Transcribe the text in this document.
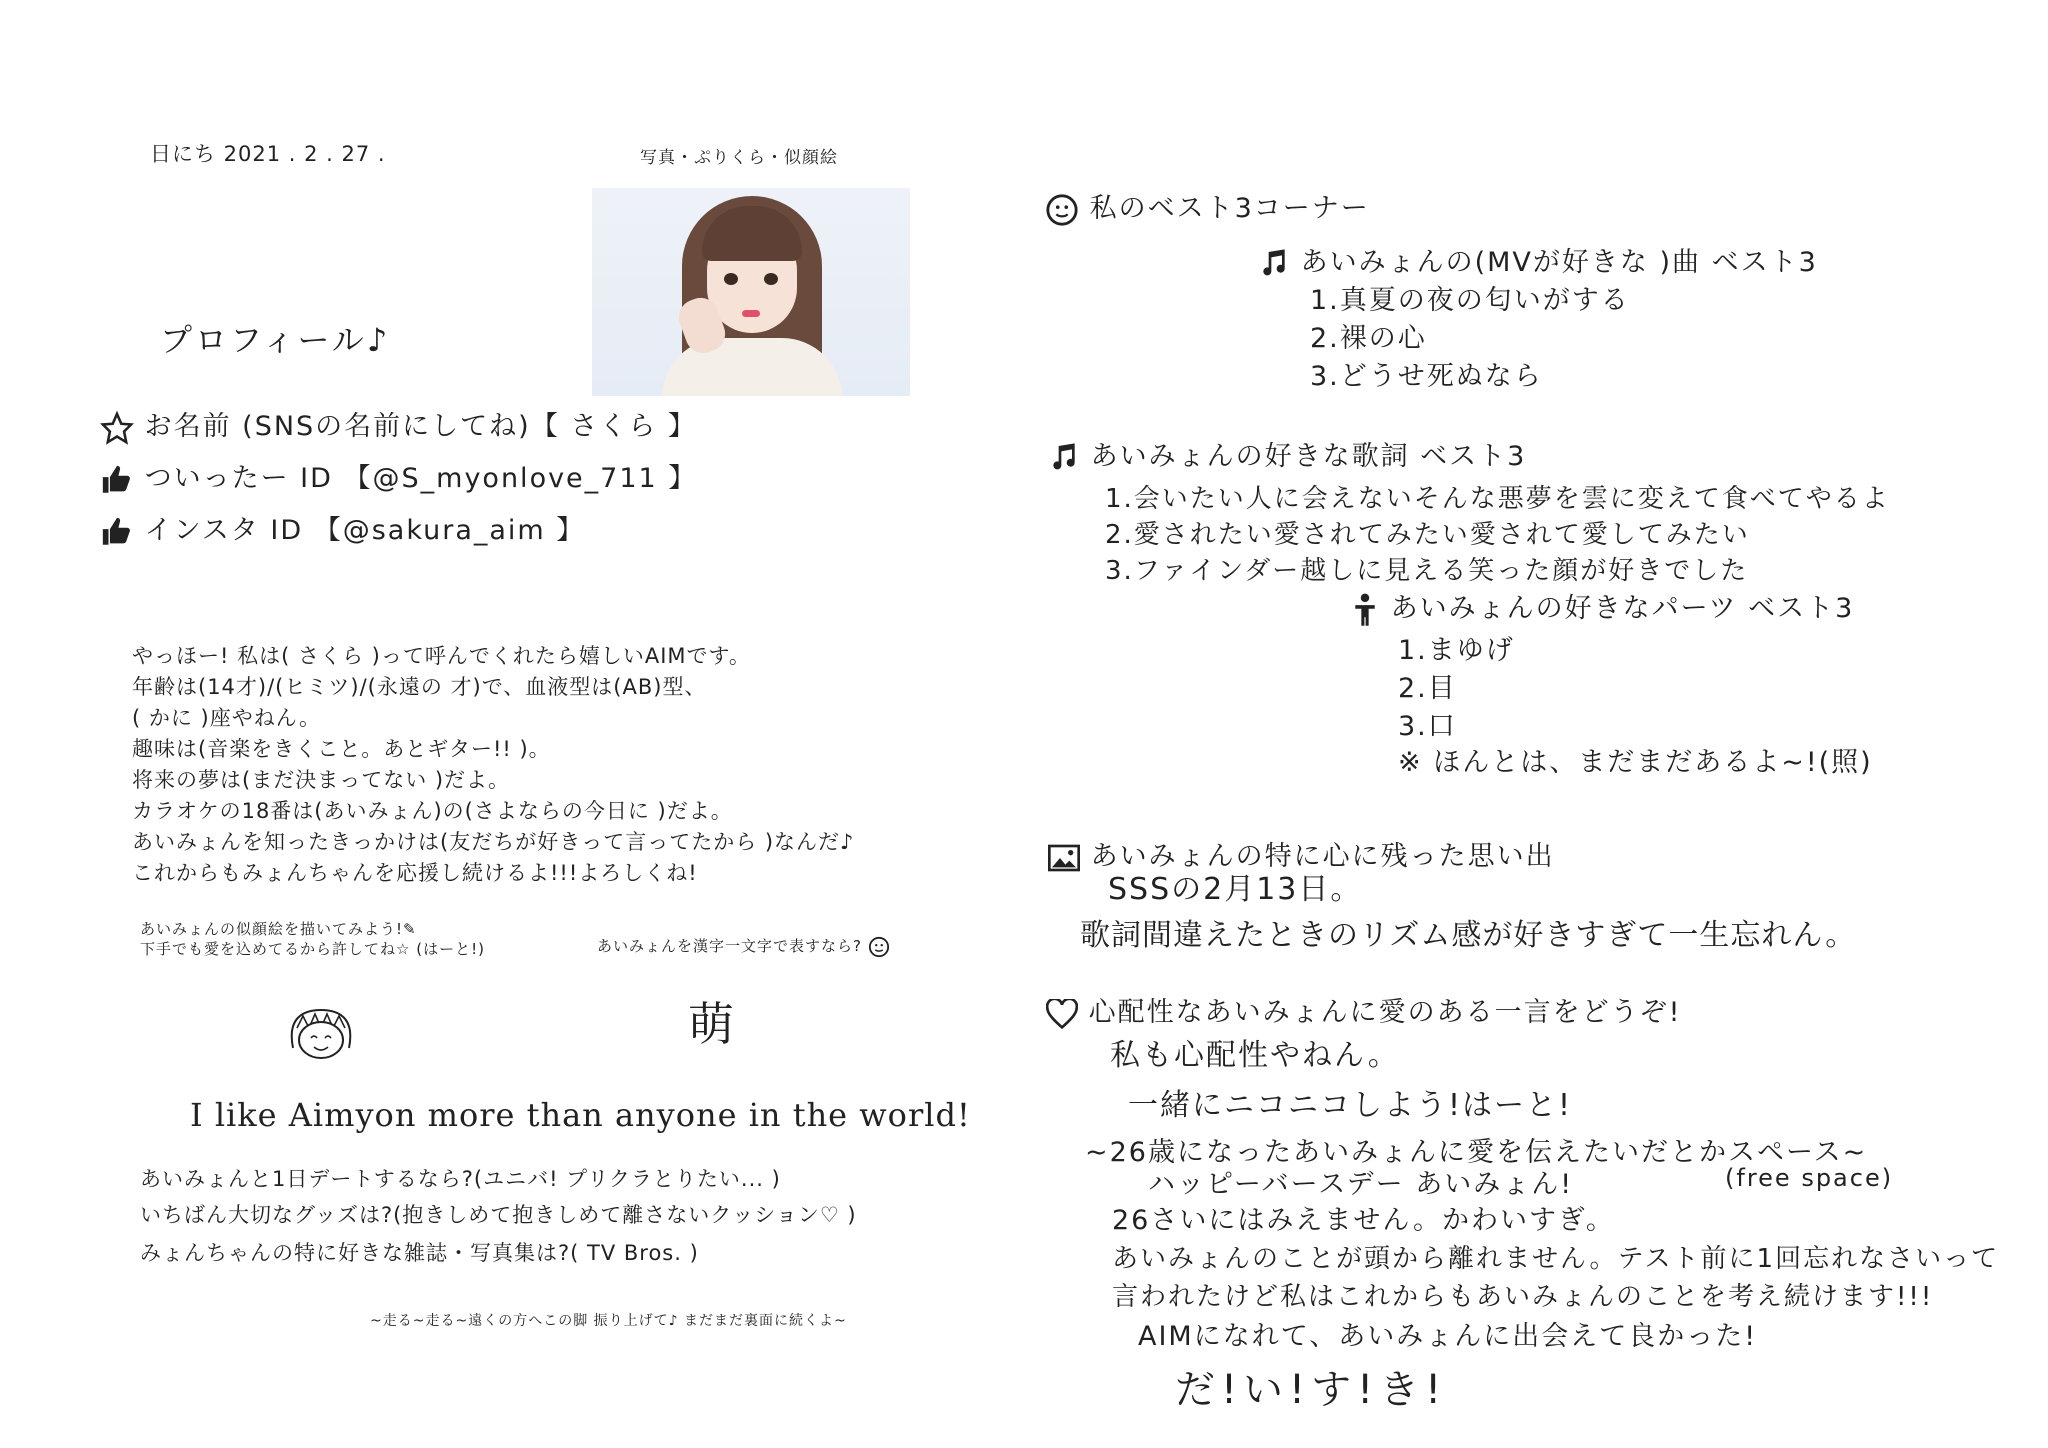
日にち 2021 . 2 . 27 .	写真・ぷりくら・似顔絵
プロフィール♪
お名前 (SNSの名前にしてね)【 さくら 】
ついったー ID 【@S_myonlove_711 】
インスタ ID 【@sakura_aim 】
やっほー! 私は( さくら )って呼んでくれたら嬉しいAIMです。
年齢は(14才)/(ヒミツ)/(永遠の 才)で、血液型は(AB)型、
( かに )座やねん。
趣味は(音楽をきくこと。あとギター!! )。
将来の夢は(まだ決まってない )だよ。
カラオケの18番は(あいみょん)の(さよならの今日に )だよ。
あいみょんを知ったきっかけは(友だちが好きって言ってたから )なんだ♪
これからもみょんちゃんを応援し続けるよ!!!よろしくね!
あいみょんの似顔絵を描いてみよう!✎
下手でも愛を込めてるから許してね☆ (はーと!)	あいみょんを漢字一文字で表すなら?
萌
I like Aimyon more than anyone in the world!
あいみょんと1日デートするなら?(ユニバ! プリクラとりたい... )
いちばん大切なグッズは?(抱きしめて抱きしめて離さないクッション♡ )
みょんちゃんの特に好きな雑誌・写真集は?( TV Bros. )
~走る~走る~遠くの方へこの脚 振り上げて♪ まだまだ裏面に続くよ~
私のベスト3コーナー
あいみょんの(MVが好きな )曲 ベスト3
1.真夏の夜の匂いがする
2.裸の心
3.どうせ死ぬなら
あいみょんの好きな歌詞 ベスト3
1.会いたい人に会えないそんな悪夢を雲に変えて食べてやるよ
2.愛されたい愛されてみたい愛されて愛してみたい
3.ファインダー越しに見える笑った顔が好きでした
あいみょんの好きなパーツ ベスト3
1.まゆげ
2.目
3.口
※ ほんとは、まだまだあるよ~!(照)
あいみょんの特に心に残った思い出
SSSの2月13日。
歌詞間違えたときのリズム感が好きすぎて一生忘れん。
心配性なあいみょんに愛のある一言をどうぞ!
私も心配性やねん。
一緒にニコニコしよう!はーと!
~26歳になったあいみょんに愛を伝えたいだとかスペース~
(free space)
ハッピーバースデー あいみょん!
26さいにはみえません。かわいすぎ。
あいみょんのことが頭から離れません。テスト前に1回忘れなさいって
言われたけど私はこれからもあいみょんのことを考え続けます!!!
AIMになれて、あいみょんに出会えて良かった!
だ!い!す!き!
